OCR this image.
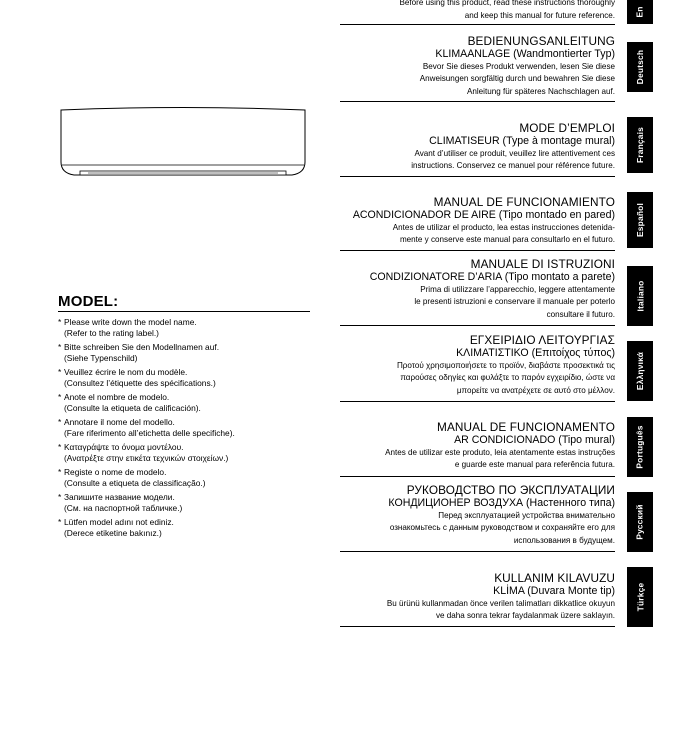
MODEL:
* Please write down the model name.
(Refer to the rating label.)
* Bitte schreiben Sie den Modellnamen auf.
(Siehe Typenschild)
* Veuillez écrire le nom du modèle.
(Consultez l’étiquette des spécifications.)
* Anote el nombre de modelo.
(Consulte la etiqueta de calificación).
* Annotare il nome del modello.
(Fare riferimento all’etichetta delle specifiche).
* Καταγράψτε το όνομα μοντέλου.
(Ανατρέξτε στην ετικέτα τεχνικών στοιχείων.)
* Registe o nome de modelo.
(Consulte a etiqueta de classificação.)
* Запишите название модели.
(См. на паспортной табличке.)
* Lütfen model adını not ediniz.
(Derece etiketine bakınız.)
Before using this product, read these instructions thoroughly
and keep this manual for future reference. En
BEDIENUNGSANLEITUNG
KLIMAANLAGE (Wandmontierter Typ)
Bevor Sie dieses Produkt verwenden, lesen Sie diese
Anweisungen sorgfältig durch und bewahren Sie diese
Anleitung für späteres Nachschlagen auf.
Deutsch
MODE D’EMPLOI
CLIMATISEUR (Type à montage mural)
Avant d’utiliser ce produit, veuillez lire attentivement ces
instructions. Conservez ce manuel pour référence future.
Français
MANUAL DE FUNCIONAMIENTO
ACONDICIONADOR DE AIRE (Tipo montado en pared)
Antes de utilizar el producto, lea estas instrucciones detenida-
mente y conserve este manual para consultarlo en el futuro.
Español
MANUALE DI ISTRUZIONI
CONDIZIONATORE D’ARIA (Tipo montato a parete)
Prima di utilizzare l’apparecchio, leggere attentamente
le presenti istruzioni e conservare il manuale per poterlo
consultare il futuro.
Italiano
ΕΓΧΕΙΡΙΔΙΟ ΛΕΙΤΟΥΡΓΙΑΣ
ΚΛΙΜΑΤΙΣΤΙΚΟ (Επιτοίχος τύπος)
Προτού χρησιμοποιήσετε το προϊόν, διαβάστε προσεκτικά τις
παρούσες οδηγίες και φυλάξτε το παρόν εγχειρίδιο, ώστε να
μπορείτε να ανατρέχετε σε αυτό στο μέλλον.
Ελληνικά
MANUAL DE FUNCIONAMENTO
AR CONDICIONADO (Tipo mural)
Antes de utilizar este produto, leia atentamente estas instruções
e guarde este manual para referência futura. Português
РУКОВОДСТВО ПО ЭКСПЛУАТАЦИИ
КОНДИЦИОНЕР ВОЗДУХА (Настенного типа)
Перед эксплуатацией устройства внимательно
ознакомьтесь с данным руководством и сохраняйте его для
использования в будущем.
Русский
KULLANIM KILAVUZU
KLİMA (Duvara Monte tip)
Bu ürünü kullanmadan önce verilen talimatları dikkatlice okuyun
ve daha sonra tekrar faydalanmak üzere saklayın.
Türkçe
